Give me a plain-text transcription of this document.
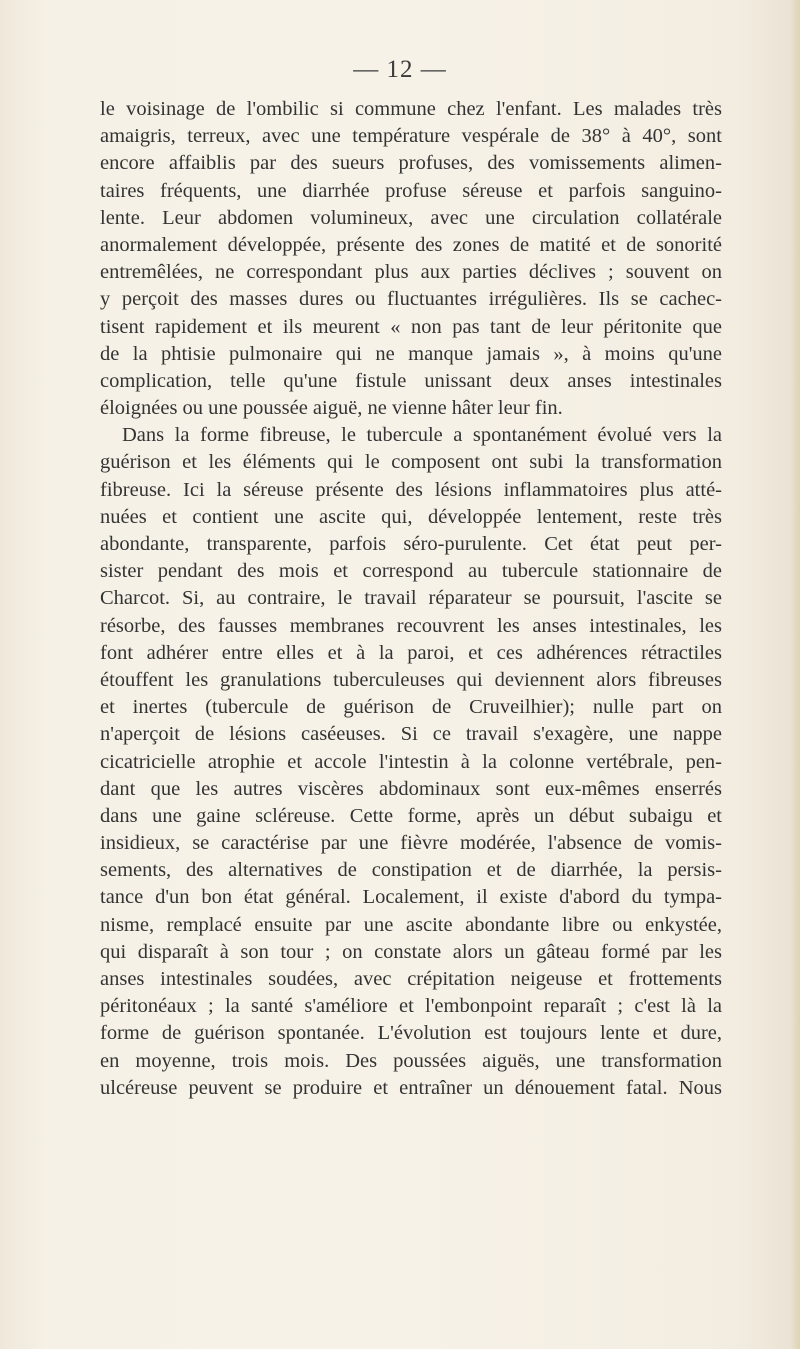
— 12 —
le voisinage de l'ombilic si commune chez l'enfant. Les malades très
amaigris, terreux, avec une température vespérale de 38° à 40°, sont
encore affaiblis par des sueurs profuses, des vomissements alimen-
taires fréquents, une diarrhée profuse séreuse et parfois sanguino-
lente. Leur abdomen volumineux, avec une circulation collatérale
anormalement développée, présente des zones de matité et de sonorité
entremêlées, ne correspondant plus aux parties déclives ; souvent on
y perçoit des masses dures ou fluctuantes irrégulières. Ils se cachec-
tisent rapidement et ils meurent « non pas tant de leur péritonite que
de la phtisie pulmonaire qui ne manque jamais », à moins qu'une
complication, telle qu'une fistule unissant deux anses intestinales
éloignées ou une poussée aiguë, ne vienne hâter leur fin.
Dans la forme fibreuse, le tubercule a spontanément évolué vers la
guérison et les éléments qui le composent ont subi la transformation
fibreuse. Ici la séreuse présente des lésions inflammatoires plus atté-
nuées et contient une ascite qui, développée lentement, reste très
abondante, transparente, parfois séro-purulente. Cet état peut per-
sister pendant des mois et correspond au tubercule stationnaire de
Charcot. Si, au contraire, le travail réparateur se poursuit, l'ascite se
résorbe, des fausses membranes recouvrent les anses intestinales, les
font adhérer entre elles et à la paroi, et ces adhérences rétractiles
étouffent les granulations tuberculeuses qui deviennent alors fibreuses
et inertes (tubercule de guérison de Cruveilhier); nulle part on
n'aperçoit de lésions caséeuses. Si ce travail s'exagère, une nappe
cicatricielle atrophie et accole l'intestin à la colonne vertébrale, pen-
dant que les autres viscères abdominaux sont eux-mêmes enserrés
dans une gaine scléreuse. Cette forme, après un début subaigu et
insidieux, se caractérise par une fièvre modérée, l'absence de vomis-
sements, des alternatives de constipation et de diarrhée, la persis-
tance d'un bon état général. Localement, il existe d'abord du tympa-
nisme, remplacé ensuite par une ascite abondante libre ou enkystée,
qui disparaît à son tour ; on constate alors un gâteau formé par les
anses intestinales soudées, avec crépitation neigeuse et frottements
péritonéaux ; la santé s'améliore et l'embonpoint reparaît ; c'est là la
forme de guérison spontanée. L'évolution est toujours lente et dure,
en moyenne, trois mois. Des poussées aiguës, une transformation
ulcéreuse peuvent se produire et entraîner un dénouement fatal. Nous
